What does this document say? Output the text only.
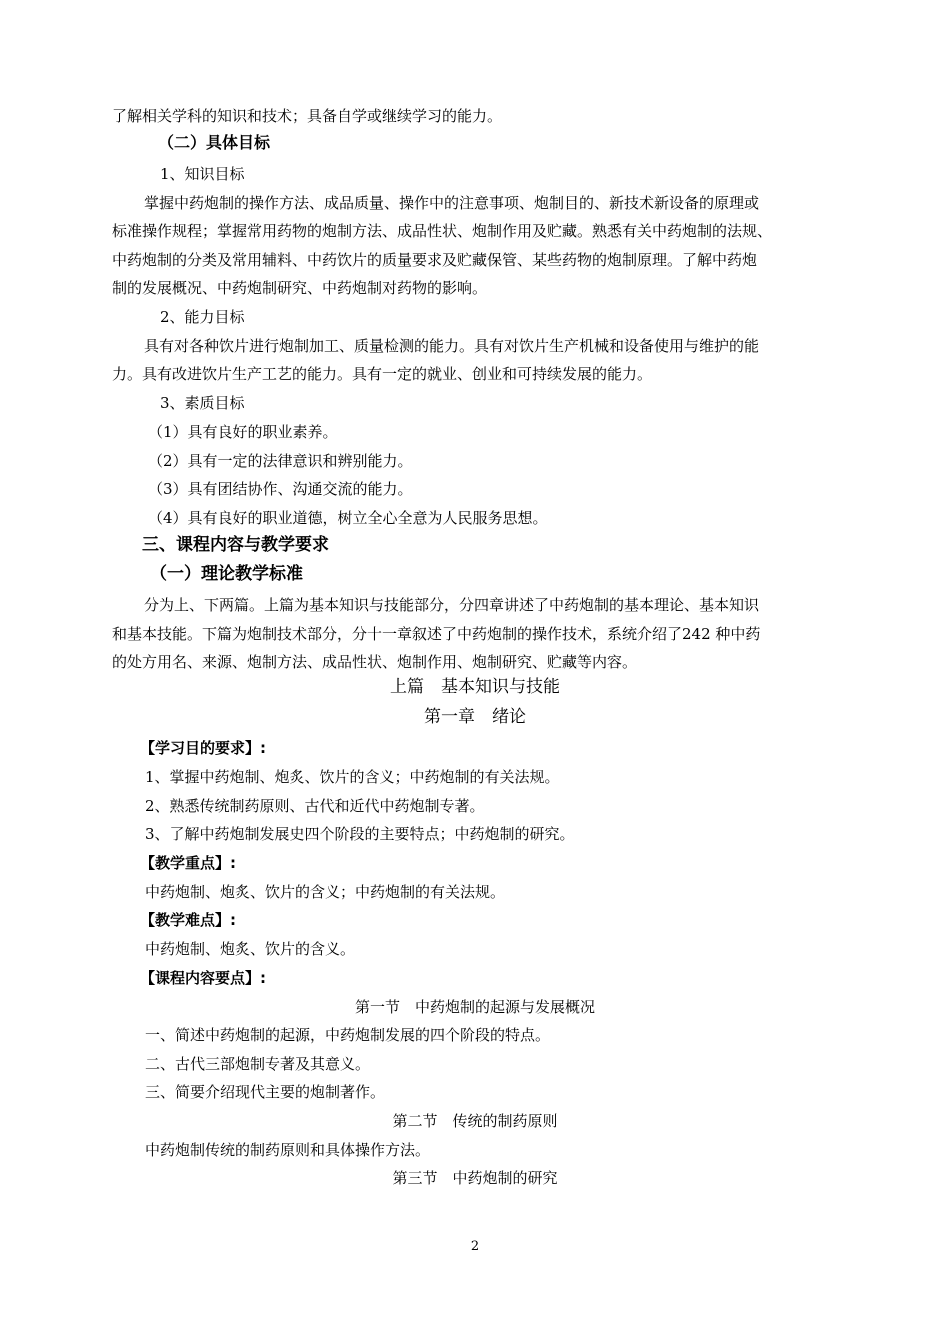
了解相关学科的知识和技术；具备自学或继续学习的能力。
（二）具体目标
1、知识目标
掌握中药炮制的操作方法、成品质量、操作中的注意事项、炮制目的、新技术新设备的原理或
标准操作规程；掌握常用药物的炮制方法、成品性状、炮制作用及贮藏。熟悉有关中药炮制的法规、
中药炮制的分类及常用辅料、中药饮片的质量要求及贮藏保管、某些药物的炮制原理。了解中药炮
制的发展概况、中药炮制研究、中药炮制对药物的影响。
2、能力目标
具有对各种饮片进行炮制加工、质量检测的能力。具有对饮片生产机械和设备使用与维护的能
力。具有改进饮片生产工艺的能力。具有一定的就业、创业和可持续发展的能力。
3、素质目标
（1）具有良好的职业素养。
（2）具有一定的法律意识和辨别能力。
（3）具有团结协作、沟通交流的能力。
（4）具有良好的职业道德，树立全心全意为人民服务思想。
三、课程内容与教学要求
（一）理论教学标准
分为上、下两篇。上篇为基本知识与技能部分，分四章讲述了中药炮制的基本理论、基本知识
和基本技能。下篇为炮制技术部分，分十一章叙述了中药炮制的操作技术，系统介绍了242 种中药
的处方用名、来源、炮制方法、成品性状、炮制作用、炮制研究、贮藏等内容。
上篇　基本知识与技能
第一章　绪论
【学习目的要求】:
1、掌握中药炮制、炮炙、饮片的含义；中药炮制的有关法规。
2、熟悉传统制药原则、古代和近代中药炮制专著。
3、了解中药炮制发展史四个阶段的主要特点；中药炮制的研究。
【教学重点】:
中药炮制、炮炙、饮片的含义；中药炮制的有关法规。
【教学难点】:
中药炮制、炮炙、饮片的含义。
【课程内容要点】:
第一节　中药炮制的起源与发展概况
一、简述中药炮制的起源，中药炮制发展的四个阶段的特点。
二、古代三部炮制专著及其意义。
三、简要介绍现代主要的炮制著作。
第二节　传统的制药原则
中药炮制传统的制药原则和具体操作方法。
第三节　中药炮制的研究
2
